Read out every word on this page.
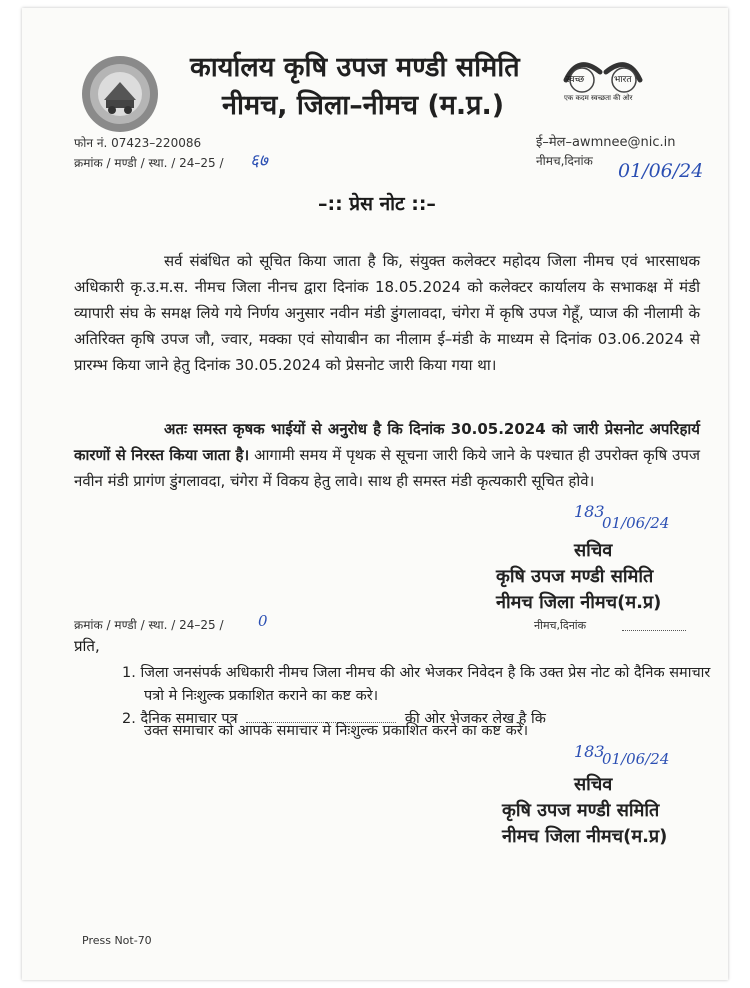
कार्यालय कृषि उपज मण्डी समिति
नीमच, जिला–नीमच (म.प्र.)
स्वच्छ	भारत
एक कदम स्वच्छता की ओर
फोन नं. 07423–220086	ई–मेल–awmnee@nic.in
क्रमांक / मण्डी / स्था. / 24–25 / ६७	नीमच,दिनांक 01/06/24
–:: प्रेस नोट ::–
सर्व संबंधित को सूचित किया जाता है कि, संयुक्त कलेक्टर महोदय जिला नीमच एवं भारसाधक अधिकारी कृ.उ.म.स. नीमच जिला नीनच द्वारा दिनांक 18.05.2024 को कलेक्टर कार्यालय के सभाकक्ष में मंडी व्यापारी संघ के समक्ष लिये गये निर्णय अनुसार नवीन मंडी डुंगलावदा, चंगेरा में कृषि उपज गेहूँ, प्याज की नीलामी के अतिरिक्त कृषि उपज जौ, ज्वार, मक्का एवं सोयाबीन का नीलाम ई–मंडी के माध्यम से दिनांक 03.06.2024 से प्रारम्भ किया जाने हेतु दिनांक 30.05.2024 को प्रेसनोट जारी किया गया था।
अतः समस्त कृषक भाईयों से अनुरोध है कि दिनांक 30.05.2024 को जारी प्रेसनोट अपरिहार्य कारणों से निरस्त किया जाता है। आगामी समय में पृथक से सूचना जारी किये जाने के पश्चात ही उपरोक्त कृषि उपज नवीन मंडी प्रागंण डुंगलावदा, चंगेरा में विकय हेतु लावे। साथ ही समस्त मंडी कृत्यकारी सूचित होवे।
183
01/06/24
सचिव
कृषि उपज मण्डी समिति
नीमच जिला नीमच(म.प्र)
क्रमांक / मण्डी / स्था. / 24–25 / 0	नीमच,दिनांक
प्रति,
1. जिला जनसंपर्क अधिकारी नीमच जिला नीमच की ओर भेजकर निवेदन है कि उक्त प्रेस नोट को दैनिक समाचार पत्रो मे निःशुल्क प्रकाशित कराने का कष्ट करे।
2. दैनिक समाचार पत्र	की ओर भेजकर लेख है कि
उक्त समाचार को आपके समाचार मे निःशुल्क प्रकाशित करने का कष्ट करे।
183
01/06/24
सचिव
कृषि उपज मण्डी समिति
नीमच जिला नीमच(म.प्र)
Press Not-70
